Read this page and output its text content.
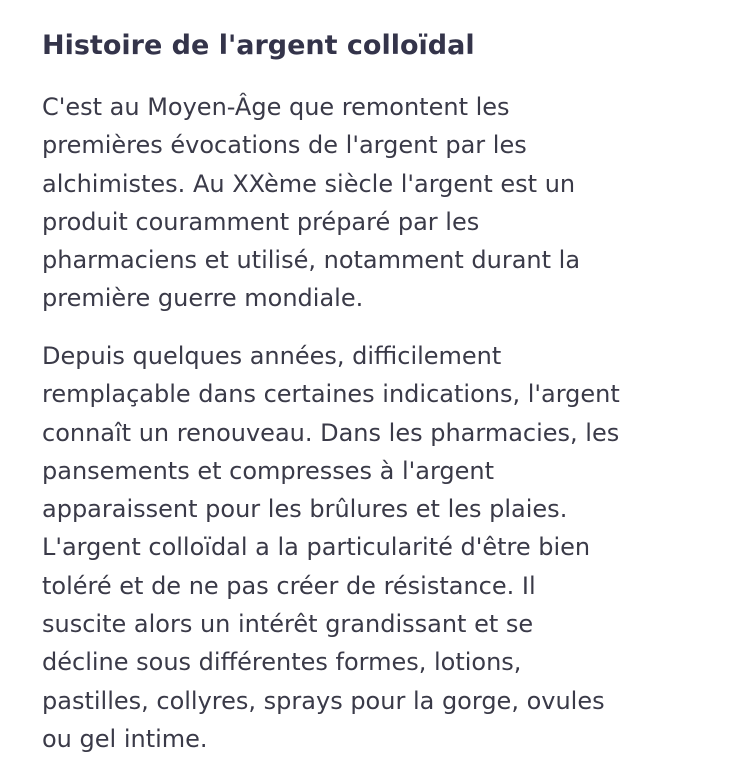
Histoire de l'argent colloïdal

C'est au Moyen-Âge que remontent les
premières évocations de l'argent par les
alchimistes. Au XXème siècle l'argent est un
produit couramment préparé par les
pharmaciens et utilisé, notamment durant la
première guerre mondiale.

Depuis quelques années, difficilement
remplaçable dans certaines indications, l'argent
connaît un renouveau. Dans les pharmacies, les
pansements et compresses à l'argent
apparaissent pour les brûlures et les plaies.
L'argent colloïdal a la particularité d'être bien
toléré et de ne pas créer de résistance. Il
suscite alors un intérêt grandissant et se
décline sous différentes formes, lotions,
pastilles, collyres, sprays pour la gorge, ovules
ou gel intime.
